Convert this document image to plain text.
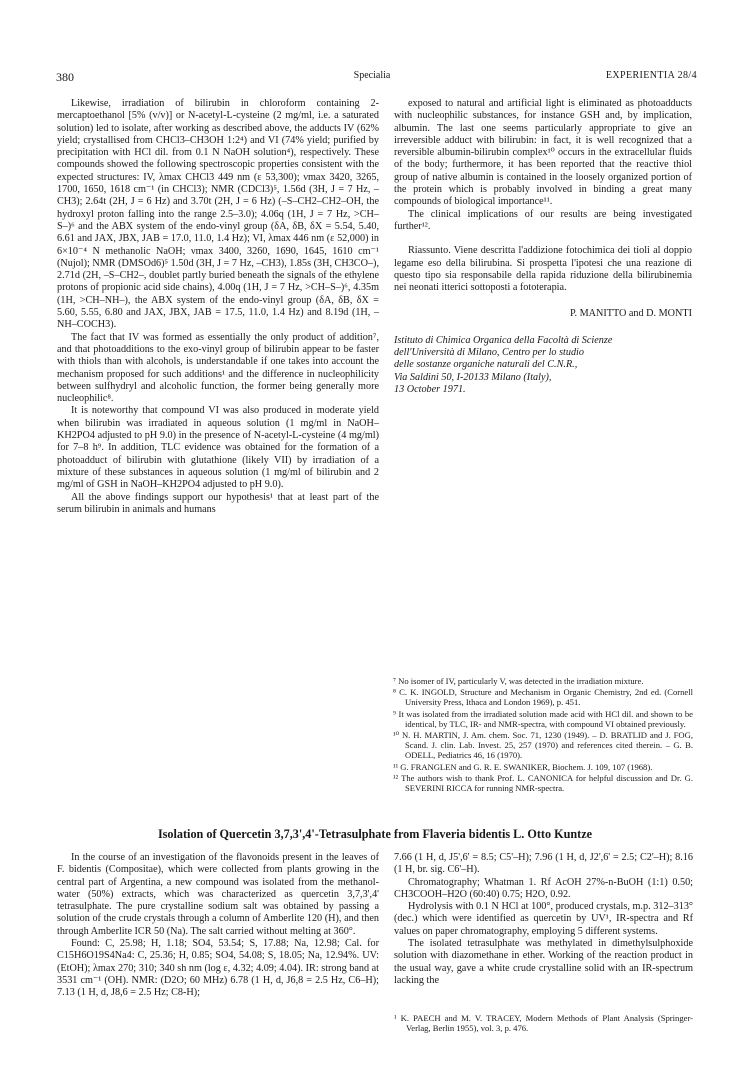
380	Specialia	EXPERIENTIA 28/4

Likewise, irradiation of bilirubin in chloroform containing 2-mercaptoethanol [5% (v/v)] or N-acetyl-L-cysteine (2 mg/ml, i.e. a saturated solution) led to isolate, after working as described above, the adducts IV (62% yield; crystallised from CHCl3–CH3OH 1:2⁴) and VI (74% yield; purified by precipitation with HCl dil. from 0.1 N NaOH solution⁴), respectively. These compounds showed the following spectroscopic properties consistent with the expected structures: IV, λmax CHCl3 449 nm (ε 53,300); νmax 3420, 3265, 1700, 1650, 1618 cm⁻¹ (in CHCl3); NMR (CDCl3)⁵, 1.56d (3H, J = 7 Hz, –CH3); 2.64t (2H, J = 6 Hz) and 3.70t (2H, J = 6 Hz) (–S–CH2–CH2–OH, the hydroxyl proton falling into the range 2.5–3.0); 4.06q (1H, J = 7 Hz, >CH–S–)⁶ and the ABX system of the endo-vinyl group (δA, δB, δX = 5.54, 5.40, 6.61 and JAX, JBX, JAB = 17.0, 11.0, 1.4 Hz); VI, λmax 446 nm (ε 52,000) in 6×10⁻⁴ N methanolic NaOH; νmax 3400, 3260, 1690, 1645, 1610 cm⁻¹ (Nujol); NMR (DMSOd6)⁵ 1.50d (3H, J = 7 Hz, –CH3), 1.85s (3H, CH3CO–), 2.71d (2H, –S–CH2–, doublet partly buried beneath the signals of the ethylene protons of propionic acid side chains), 4.00q (1H, J = 7 Hz, >CH–S–)⁶, 4.35m (1H, >CH–NH–), the ABX system of the endo-vinyl group (δA, δB, δX = 5.60, 5.55, 6.80 and JAX, JBX, JAB = 17.5, 11.0, 1.4 Hz) and 8.19d (1H, –NH–COCH3).

The fact that IV was formed as essentially the only product of addition⁷, and that photoadditions to the exo-vinyl group of bilirubin appear to be faster with thiols than with alcohols, is understandable if one takes into account the mechanism proposed for such additions¹ and the difference in nucleophilicity between sulfhydryl and alcoholic function, the former being generally more nucleophilic⁸.

It is noteworthy that compound VI was also produced in moderate yield when bilirubin was irradiated in aqueous solution (1 mg/ml in NaOH–KH2PO4 adjusted to pH 9.0) in the presence of N-acetyl-L-cysteine (4 mg/ml) for 7–8 h⁹. In addition, TLC evidence was obtained for the formation of a photoadduct of bilirubin with glutathione (likely VII) by irradiation of a mixture of these substances in aqueous solution (1 mg/ml of bilirubin and 2 mg/ml of GSH in NaOH–KH2PO4 adjusted to pH 9.0).

All the above findings support our hypothesis¹ that at least part of the serum bilirubin in animals and humans

exposed to natural and artificial light is eliminated as photoadducts with nucleophilic substances, for instance GSH and, by implication, albumin. The last one seems particularly appropriate to give an irreversible adduct with bilirubin: in fact, it is well recognized that a reversible albumin-bilirubin complex¹⁰ occurs in the extracellular fluids of the body; furthermore, it has been reported that the reactive thiol group of native albumin is contained in the loosely organized portion of the protein which is probably involved in binding a great many compounds of biological importance¹¹.

The clinical implications of our results are being investigated further¹².

Riassunto. Viene descritta l'addizione fotochimica dei tioli al doppio legame eso della bilirubina. Si prospetta l'ipotesi che una reazione di questo tipo sia responsabile della rapida riduzione della bilirubinemia nei neonati itterici sottoposti a fototerapia.

P. MANITTO and D. MONTI

Istituto di Chimica Organica della Facoltà di Scienze
dell'Università di Milano, Centro per lo studio
delle sostanze organiche naturali del C.N.R.,
Via Saldini 50, I-20133 Milano (Italy),
13 October 1971.

⁷ No isomer of IV, particularly V, was detected in the irradiation mixture.

⁸ C. K. INGOLD, Structure and Mechanism in Organic Chemistry, 2nd ed. (Cornell University Press, Ithaca and London 1969), p. 451.

⁹ It was isolated from the irradiated solution made acid with HCl dil. and shown to be identical, by TLC, IR- and NMR-spectra, with compound VI obtained previously.

¹⁰ N. H. MARTIN, J. Am. chem. Soc. 71, 1230 (1949). – D. BRATLID and J. FOG, Scand. J. clin. Lab. Invest. 25, 257 (1970) and references cited therein. – G. B. ODELL, Pediatrics 46, 16 (1970).

¹¹ G. FRANGLEN and G. R. E. SWANIKER, Biochem. J. 109, 107 (1968).

¹² The authors wish to thank Prof. L. CANONICA for helpful discussion and Dr. G. SEVERINI RICCA for running NMR-spectra.

Isolation of Quercetin 3,7,3',4'-Tetrasulphate from Flaveria bidentis L. Otto Kuntze

In the course of an investigation of the flavonoids present in the leaves of F. bidentis (Compositae), which were collected from plants growing in the central part of Argentina, a new compound was isolated from the methanol-water (50%) extracts, which was characterized as quercetin 3,7,3',4' tetrasulphate. The pure crystalline sodium salt was obtained by passing a solution of the crude crystals through a column of Amberlite 120 (H), and then through Amberlite ICR 50 (Na). The salt carried without melting at 360°.

Found: C, 25.98; H, 1.18; SO4, 53.54; S, 17.88; Na, 12.98; Cal. for C15H6O19S4Na4: C, 25.36; H, 0.85; SO4, 54.08; S, 18.05; Na, 12.94%. UV: (EtOH); λmax 270; 310; 340 sh nm (log ε, 4.32; 4.09; 4.04). IR: strong band at 3531 cm⁻¹ (OH). NMR: (D2O; 60 MHz) 6.78 (1 H, d, J6,8 = 2.5 Hz, C6–H); 7.13 (1 H, d, J8,6 = 2.5 Hz; C8-H);

7.66 (1 H, d, J5',6' = 8.5; C5'–H); 7.96 (1 H, d, J2',6' = 2.5; C2'–H); 8.16 (1 H, br. sig. C6'–H).

Chromatography; Whatman 1. Rf AcOH 27%-n-BuOH (1:1) 0.50; CH3COOH–H2O (60:40) 0.75; H2O, 0.92.

Hydrolysis with 0.1 N HCl at 100°, produced crystals, m.p. 312–313° (dec.) which were identified as quercetin by UV¹, IR-spectra and Rf values on paper chromatography, employing 5 different systems.

The isolated tetrasulphate was methylated in dimethylsulphoxide solution with diazomethane in ether. Working of the reaction product in the usual way, gave a white crude crystalline solid with an IR-spectrum lacking the

¹ K. PAECH and M. V. TRACEY, Modern Methods of Plant Analysis (Springer-Verlag, Berlin 1955), vol. 3, p. 476.
